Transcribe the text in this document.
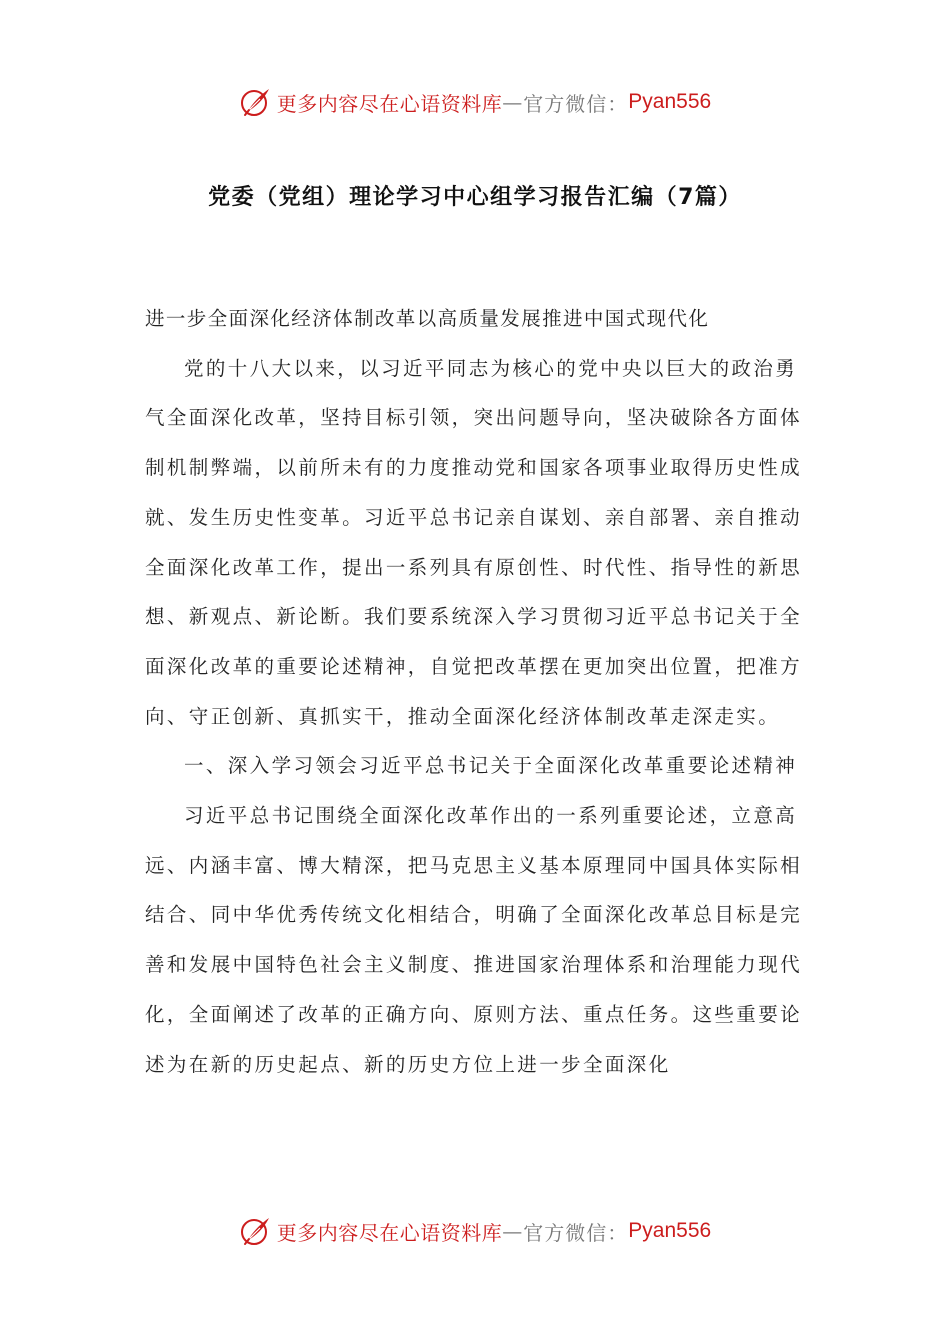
更多内容尽在心语资料库 — 官方微信： Pyan556
党委（党组）理论学习中心组学习报告汇编（7篇）

进一步全面深化经济体制改革以高质量发展推进中国式现代化

党的十八大以来，以习近平同志为核心的党中央以巨大的政治勇气全面深化改革，坚持目标引领，突出问题导向，坚决破除各方面体制机制弊端，以前所未有的力度推动党和国家各项事业取得历史性成就、发生历史性变革。习近平总书记亲自谋划、亲自部署、亲自推动全面深化改革工作，提出一系列具有原创性、时代性、指导性的新思想、新观点、新论断。我们要系统深入学习贯彻习近平总书记关于全面深化改革的重要论述精神，自觉把改革摆在更加突出位置，把准方向、守正创新、真抓实干，推动全面深化经济体制改革走深走实。

一、深入学习领会习近平总书记关于全面深化改革重要论述精神

习近平总书记围绕全面深化改革作出的一系列重要论述，立意高远、内涵丰富、博大精深，把马克思主义基本原理同中国具体实际相结合、同中华优秀传统文化相结合，明确了全面深化改革总目标是完善和发展中国特色社会主义制度、推进国家治理体系和治理能力现代化，全面阐述了改革的正确方向、原则方法、重点任务。这些重要论述为在新的历史起点、新的历史方位上进一步全面深化

更多内容尽在心语资料库 — 官方微信： Pyan556
